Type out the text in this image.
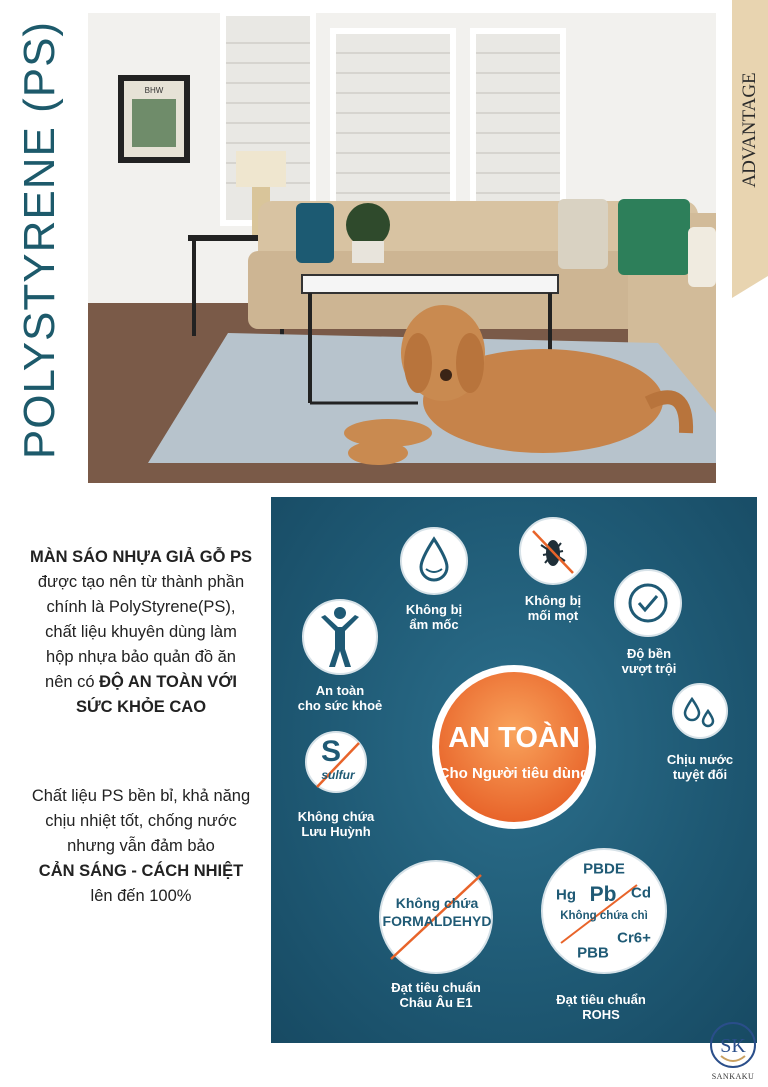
POLYSTYRENE (PS)	ADVANTAGE
BHW
MÀN SÁO NHỰA GIẢ GỖ PS
được tạo nên từ thành phần
chính là PolyStyrene(PS),
chất liệu khuyên dùng làm
hộp nhựa bảo quản đồ ăn
nên có ĐỘ AN TOÀN VỚI
SỨC KHỎE CAO
Chất liệu PS bền bỉ, khả năng
chịu nhiệt tốt, chống nước
nhưng vẫn đảm bảo
CẢN SÁNG - CÁCH NHIỆT
lên đến 100%
AN TOÀN
Cho Người tiêu dùng
S
sulfur
Không chứa
FORMALDEHYD
PBDE
Hg Pb Cd
Không chứa chì
Cr6+
PBB
Không bị
ẩm mốc
Không bị
mối mọt
Độ bền
vượt trội
An toàn
cho sức khoẻ
Chịu nước
tuyệt đối
Không chứa
Lưu Huỳnh
Đạt tiêu chuẩn
Châu Âu E1	Đạt tiêu chuẩn
ROHS
SK
SANKAKU
